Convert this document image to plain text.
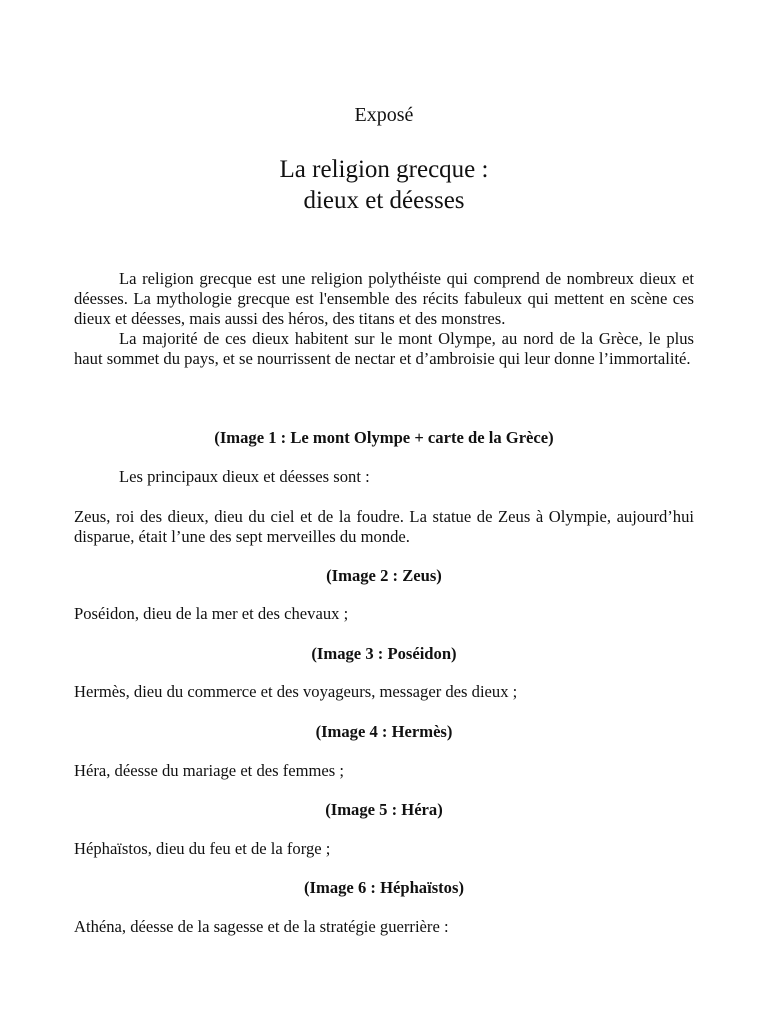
Exposé
La religion grecque :
dieux et déesses

La religion grecque est une religion polythéiste qui comprend de nombreux dieux et déesses. La mythologie grecque est l'ensemble des récits fabuleux qui mettent en scène ces dieux et déesses, mais aussi des héros, des titans et des monstres.

La majorité de ces dieux habitent sur le mont Olympe, au nord de la Grèce, le plus haut sommet du pays, et se nourrissent de nectar et d’ambroisie qui leur donne l’immortalité.

(Image 1 : Le mont Olympe + carte de la Grèce)

Les principaux dieux et déesses sont :

Zeus, roi des dieux, dieu du ciel et de la foudre. La statue de Zeus à Olympie, aujourd’hui disparue, était l’une des sept merveilles du monde.

(Image 2 : Zeus)

Poséidon, dieu de la mer et des chevaux ;

(Image 3 : Poséidon)

Hermès, dieu du commerce et des voyageurs, messager des dieux ;

(Image 4 : Hermès)

Héra, déesse du mariage et des femmes ;

(Image 5 : Héra)

Héphaïstos, dieu du feu et de la forge ;

(Image 6 : Héphaïstos)

Athéna, déesse de la sagesse et de la stratégie guerrière :
